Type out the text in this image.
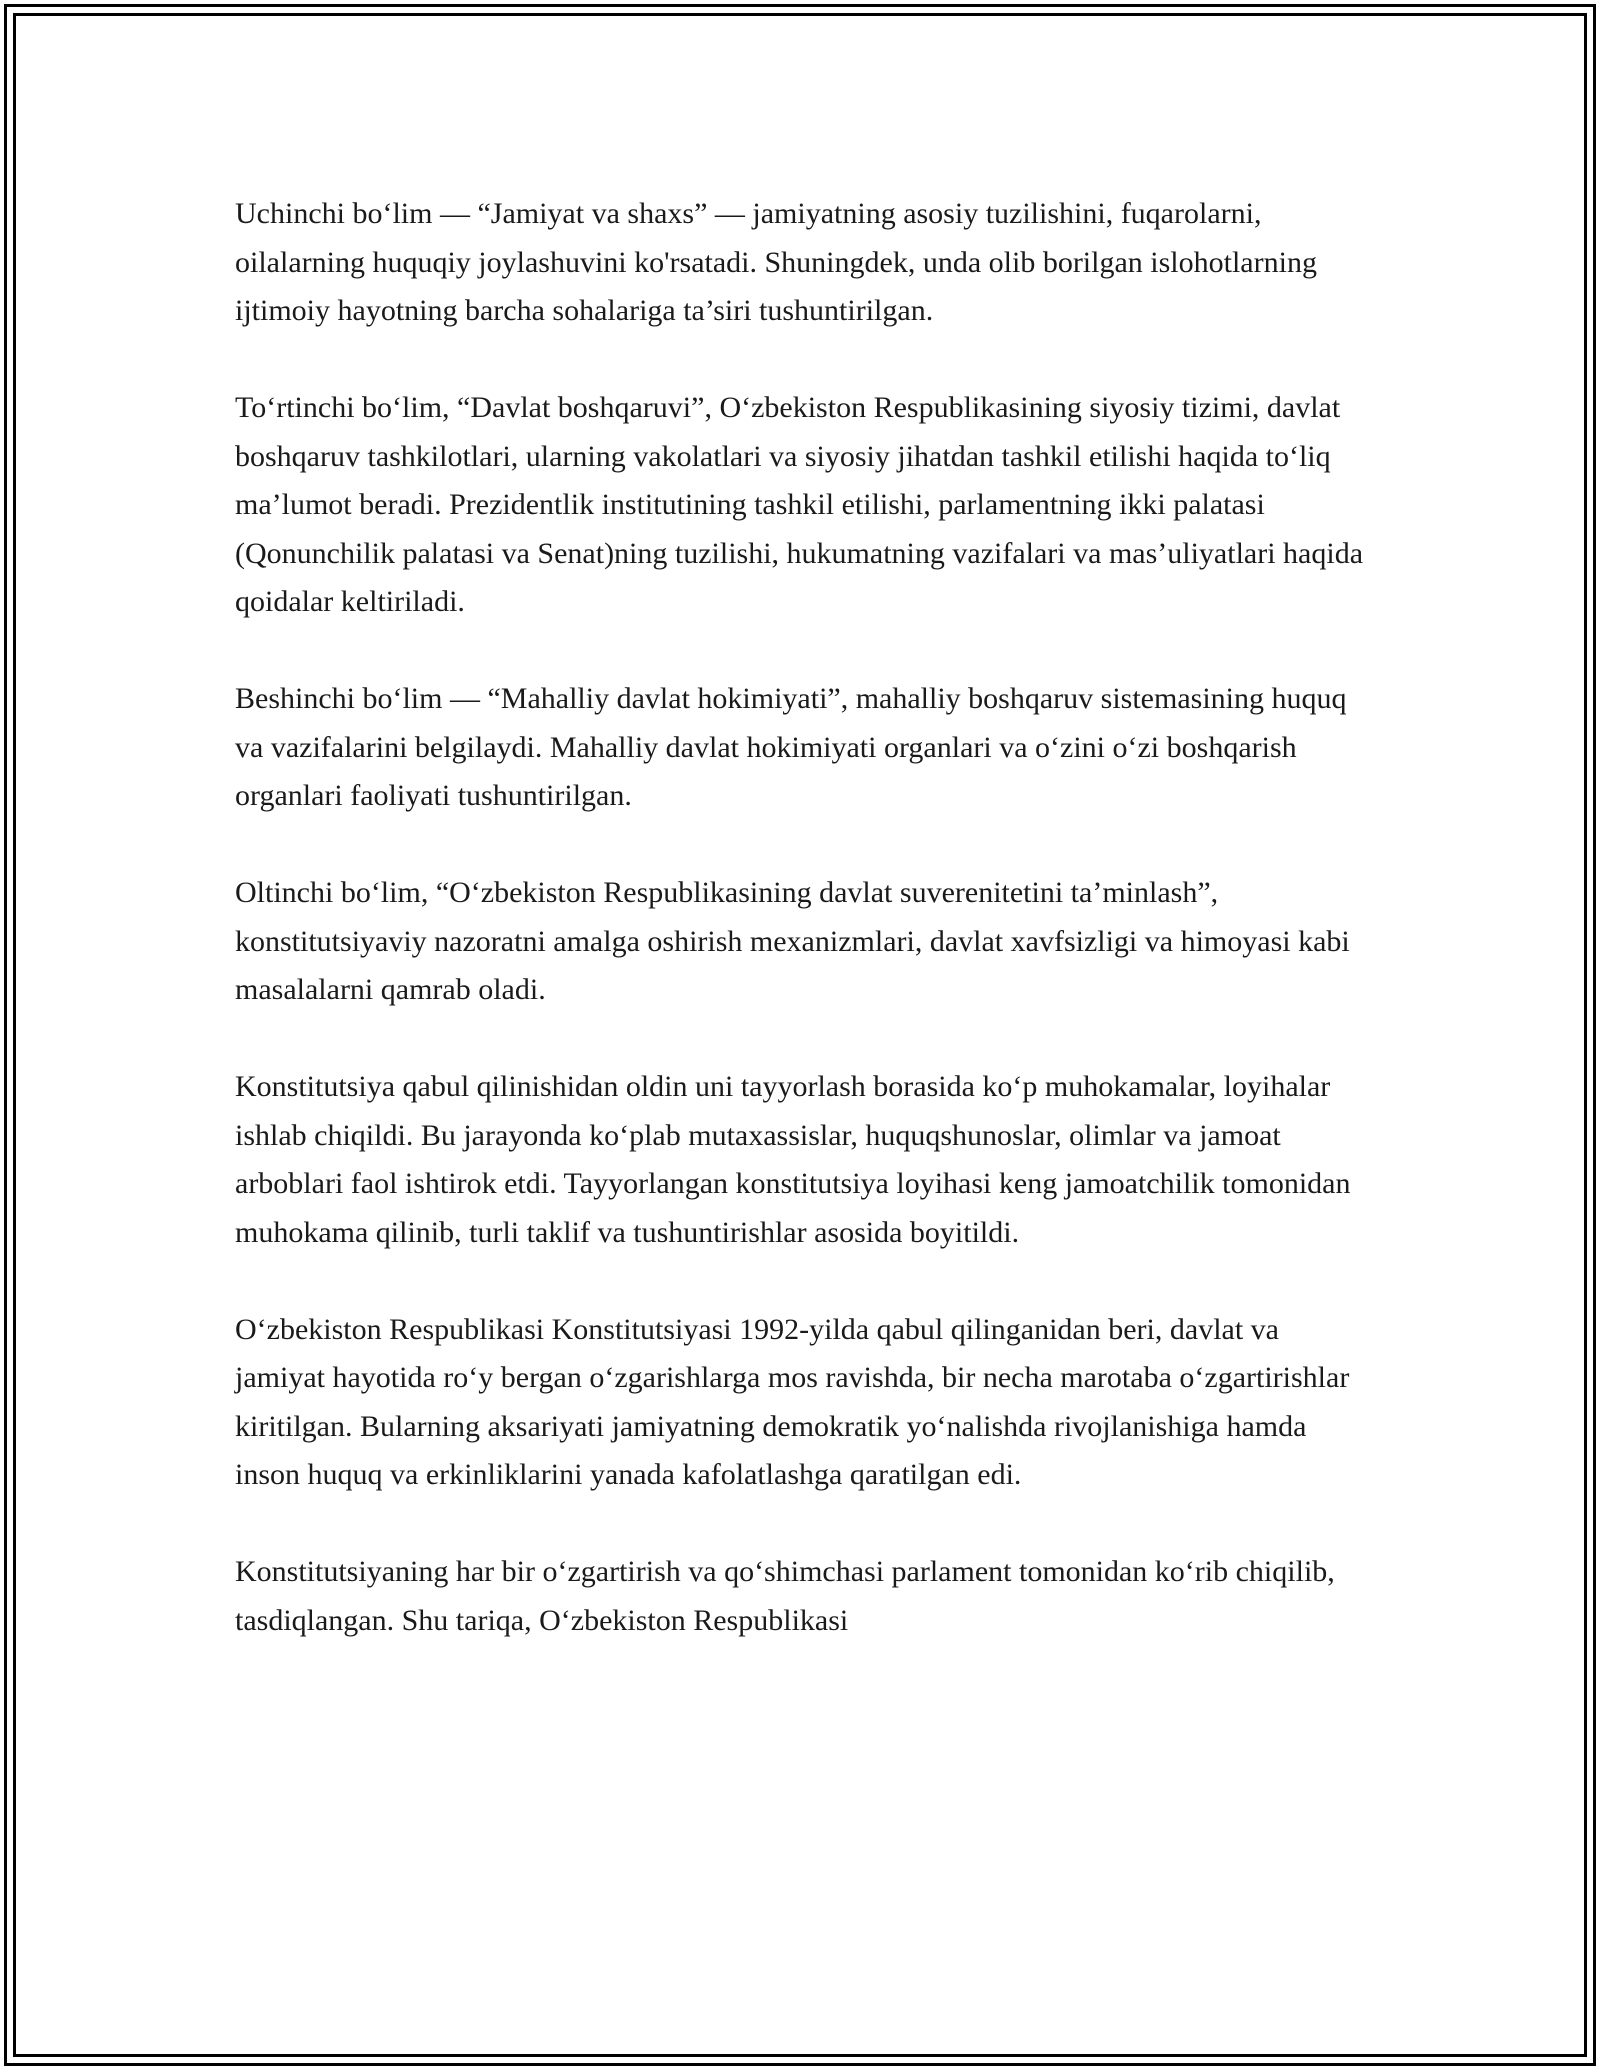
Uchinchi bo‘lim — “Jamiyat va shaxs” — jamiyatning asosiy tuzilishini, fuqarolarni, oilalarning huquqiy joylashuvini ko'rsatadi. Shuningdek, unda olib borilgan islohotlarning ijtimoiy hayotning barcha sohalariga ta’siri tushuntirilgan.

To‘rtinchi bo‘lim, “Davlat boshqaruvi”, O‘zbekiston Respublikasining siyosiy tizimi, davlat boshqaruv tashkilotlari, ularning vakolatlari va siyosiy jihatdan tashkil etilishi haqida to‘liq ma’lumot beradi. Prezidentlik institutining tashkil etilishi, parlamentning ikki palatasi (Qonunchilik palatasi va Senat)ning tuzilishi, hukumatning vazifalari va mas’uliyatlari haqida qoidalar keltiriladi.

Beshinchi bo‘lim — “Mahalliy davlat hokimiyati”, mahalliy boshqaruv sistemasining huquq va vazifalarini belgilaydi. Mahalliy davlat hokimiyati organlari va o‘zini o‘zi boshqarish organlari faoliyati tushuntirilgan.

Oltinchi bo‘lim, “O‘zbekiston Respublikasining davlat suverenitetini ta’minlash”, konstitutsiyaviy nazoratni amalga oshirish mexanizmlari, davlat xavfsizligi va himoyasi kabi masalalarni qamrab oladi.

Konstitutsiya qabul qilinishidan oldin uni tayyorlash borasida ko‘p muhokamalar, loyihalar ishlab chiqildi. Bu jarayonda ko‘plab mutaxassislar, huquqshunoslar, olimlar va jamoat arboblari faol ishtirok etdi. Tayyorlangan konstitutsiya loyihasi keng jamoatchilik tomonidan muhokama qilinib, turli taklif va tushuntirishlar asosida boyitildi.

O‘zbekiston Respublikasi Konstitutsiyasi 1992-yilda qabul qilinganidan beri, davlat va jamiyat hayotida ro‘y bergan o‘zgarishlarga mos ravishda, bir necha marotaba o‘zgartirishlar kiritilgan. Bularning aksariyati jamiyatning demokratik yo‘nalishda rivojlanishiga hamda inson huquq va erkinliklarini yanada kafolatlashga qaratilgan edi.

Konstitutsiyaning har bir o‘zgartirish va qo‘shimchasi parlament tomonidan ko‘rib chiqilib, tasdiqlangan. Shu tariqa, O‘zbekiston Respublikasi
